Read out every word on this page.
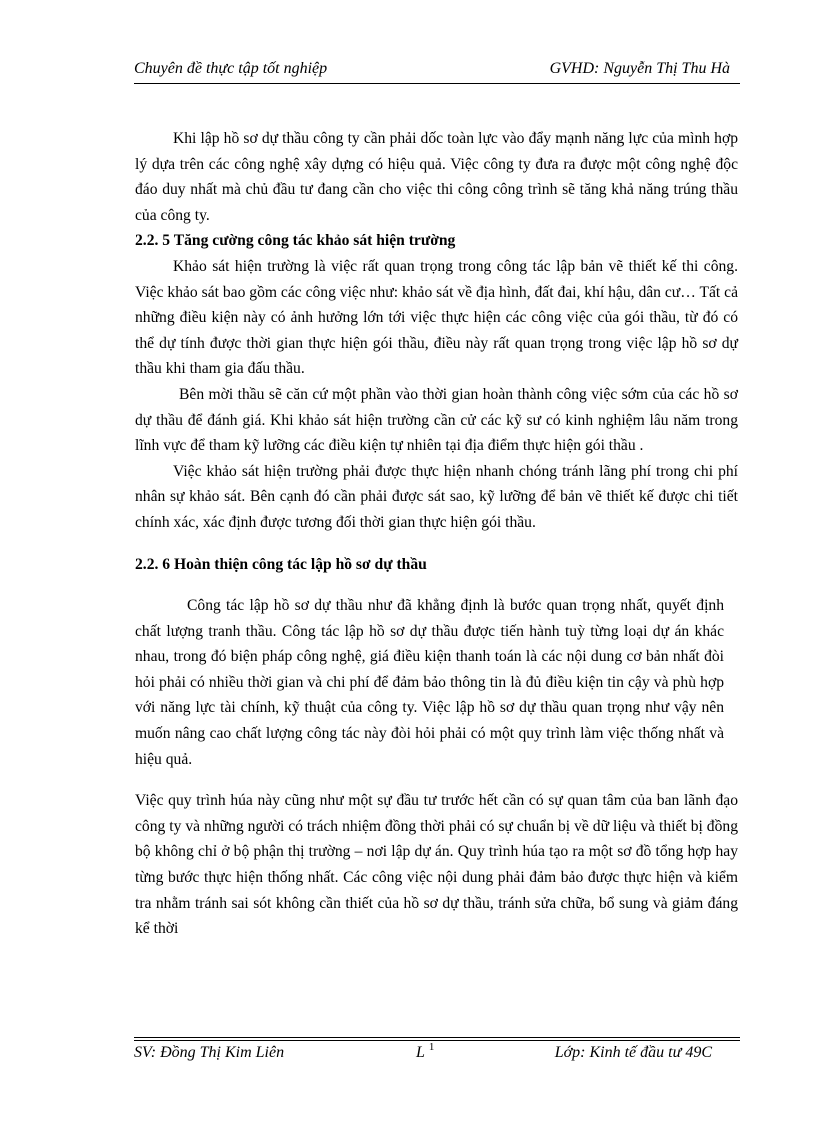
Chuyên đề thực tập tốt nghiệp	GVHD: Nguyễn Thị Thu Hà

Khi lập hồ sơ dự thầu công ty cần phải dốc toàn lực vào đẩy mạnh năng lực của mình hợp lý dựa trên các công nghệ xây dựng có hiệu quả. Việc công ty đưa ra được một công nghệ độc đáo duy nhất mà chủ đầu tư đang cần cho việc thi công công trình sẽ tăng khả năng trúng thầu của công ty.

2.2. 5 Tăng cường công tác khảo sát hiện trường

Khảo sát hiện trường là việc rất quan trọng trong công tác lập bản vẽ thiết kế thi công. Việc khảo sát bao gồm các công việc như: khảo sát về địa hình, đất đai, khí hậu, dân cư… Tất cả những điều kiện này có ảnh hưởng lớn tới việc thực hiện các công việc của gói thầu, từ đó có thể dự tính được thời gian thực hiện gói thầu, điều này rất quan trọng trong việc lập hồ sơ dự thầu khi tham gia đấu thầu.

Bên mời thầu sẽ căn cứ một phần vào thời gian hoàn thành công việc sớm của các hồ sơ dự thầu để đánh giá. Khi khảo sát hiện trường cần cử các kỹ sư có kinh nghiệm lâu năm trong lĩnh vực để tham kỹ lưỡng các điều kiện tự nhiên tại địa điểm thực hiện gói thầu .

Việc khảo sát hiện trường phải được thực hiện nhanh chóng tránh lãng phí trong chi phí nhân sự khảo sát. Bên cạnh đó cần phải được sát sao, kỹ lưỡng để bản vẽ thiết kế được chi tiết chính xác, xác định được tương đối thời gian thực hiện gói thầu.

2.2. 6 Hoàn thiện công tác lập hồ sơ dự thầu

Công tác lập hồ sơ dự thầu như đã khẳng định là bước quan trọng nhất, quyết định chất lượng tranh thầu. Công tác lập hồ sơ dự thầu được tiến hành tuỳ từng loại dự án khác nhau, trong đó biện pháp công nghệ, giá điều kiện thanh toán là các nội dung cơ bản nhất đòi hỏi phải có nhiều thời gian và chi phí để đảm bảo thông tin là đủ điều kiện tin cậy và phù hợp với năng lực tài chính, kỹ thuật của công ty. Việc lập hồ sơ dự thầu quan trọng như vậy nên muốn nâng cao chất lượng công tác này đòi hỏi phải có một quy trình làm việc thống nhất và hiệu quả.

Việc quy trình húa này cũng như một sự đầu tư trước hết cần có sự quan tâm của ban lãnh đạo công ty và những người có trách nhiệm đồng thời phải có sự chuẩn bị về dữ liệu và thiết bị đồng bộ không chỉ ở bộ phận thị trường – nơi lập dự án. Quy trình húa tạo ra một sơ đồ tổng hợp hay từng bước thực hiện thống nhất. Các công việc nội dung phải đảm bảo được thực hiện và kiểm tra nhằm tránh sai sót không cần thiết của hồ sơ dự thầu, tránh sửa chữa, bổ sung và giảm đáng kể thời

SV: Đồng Thị Kim Liên	L $^1$	Lớp: Kinh tế đầu tư 49C
